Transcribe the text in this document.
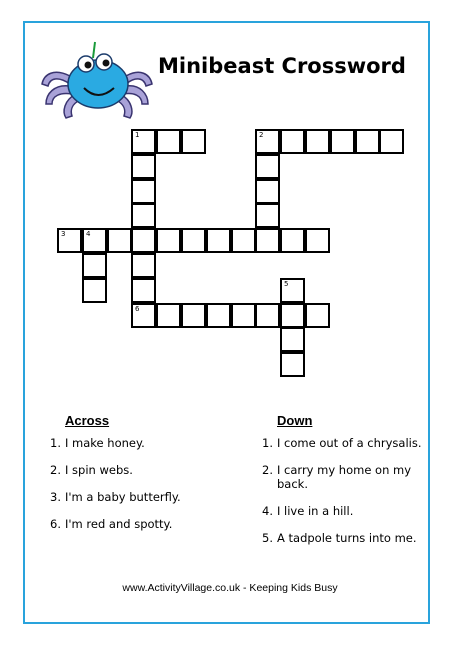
Minibeast Crossword
1	2
6
3	4
5
Across
1. I make honey.
2. I spin webs.
3. I'm a baby butterfly.
6. I'm red and spotty.
Down
1. I come out of a chrysalis.
2. I carry my home on my back.
4. I live in a hill.
5. A tadpole turns into me.
www.ActivityVillage.co.uk - Keeping Kids Busy
